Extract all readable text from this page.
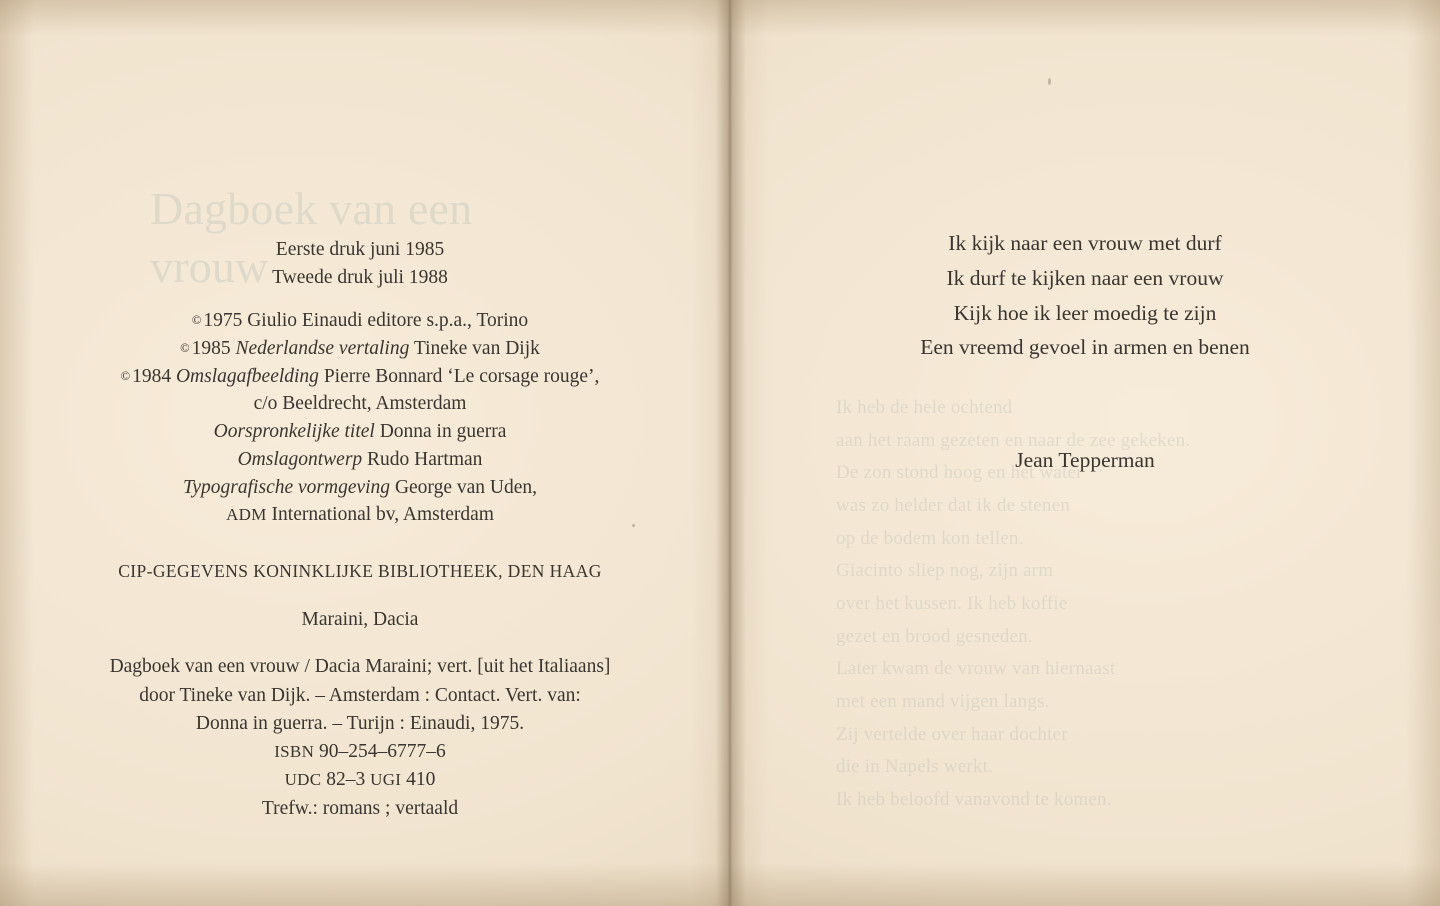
Eerste druk juni 1985
Tweede druk juli 1988
© 1975 Giulio Einaudi editore s.p.a., Torino
© 1985 Nederlandse vertaling Tineke van Dijk
© 1984 Omslagafbeelding Pierre Bonnard ‘Le corsage rouge’,
c/o Beeldrecht, Amsterdam
Oorspronkelijke titel Donna in guerra
Omslagontwerp Rudo Hartman
Typografische vormgeving George van Uden,
ADM International bv, Amsterdam
CIP-GEGEVENS KONINKLIJKE BIBLIOTHEEK, DEN HAAG
Maraini, Dacia
Dagboek van een vrouw / Dacia Maraini; vert. [uit het Italiaans]
door Tineke van Dijk. – Amsterdam : Contact. Vert. van:
Donna in guerra. – Turijn : Einaudi, 1975.
ISBN 90–254–6777–6
UDC 82–3 UGI 410
Trefw.: romans ; vertaald
Ik kijk naar een vrouw met durf
Ik durf te kijken naar een vrouw
Kijk hoe ik leer moedig te zijn
Een vreemd gevoel in armen en benen
Jean Tepperman
